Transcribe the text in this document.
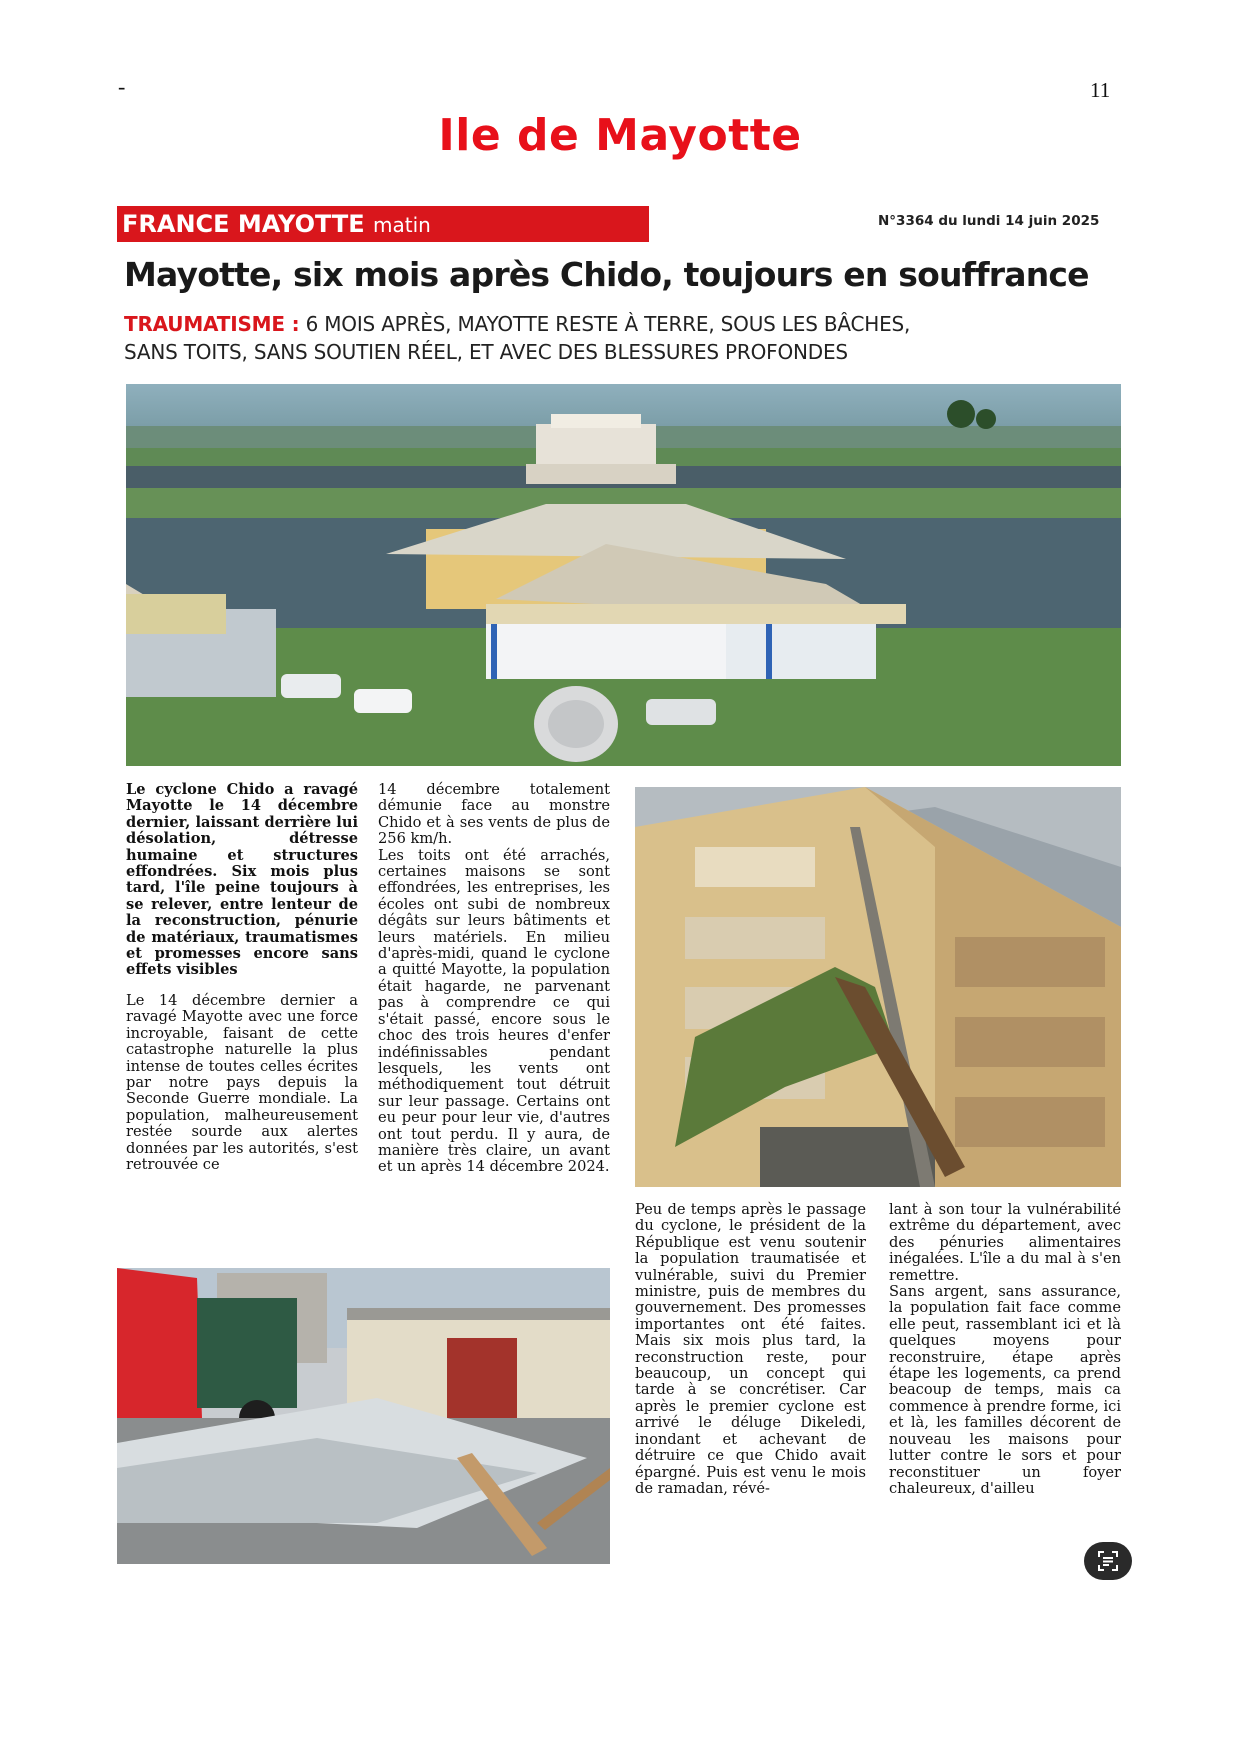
-	11
Ile de Mayotte
FRANCE MAYOTTE matin	N°3364 du lundi 14 juin 2025
Mayotte, six mois après Chido, toujours en souffrance
TRAUMATISME : 6 MOIS APRÈS, MAYOTTE RESTE À TERRE, SOUS LES BÂCHES,
SANS TOITS, SANS SOUTIEN RÉEL, ET AVEC DES BLESSURES PROFONDES

Le cyclone Chido a ravagé Mayotte le 14 décembre dernier, laissant derrière lui désolation, détresse humaine et structures effondrées. Six mois plus tard, l'île peine toujours à se relever, entre lenteur de la reconstruction, pénurie de matériaux, traumatismes et promesses encore sans effets visibles

Le 14 décembre dernier a ravagé Mayotte avec une force incroyable, faisant de cette catastrophe naturelle la plus intense de toutes celles écrites par notre pays depuis la Seconde Guerre mondiale. La population, malheureusement restée sourde aux alertes données par les autorités, s'est retrouvée ce

14 décembre totalement démunie face au monstre Chido et à ses vents de plus de 256 km/h.

Les toits ont été arrachés, certaines maisons se sont effondrées, les entreprises, les écoles ont subi de nombreux dégâts sur leurs bâtiments et leurs matériels. En milieu d'après-midi, quand le cyclone a quitté Mayotte, la population était hagarde, ne parvenant pas à comprendre ce qui s'était passé, encore sous le choc des trois heures d'enfer indéfinissables pendant lesquels, les vents ont méthodiquement tout détruit sur leur passage. Certains ont eu peur pour leur vie, d'autres ont tout perdu. Il y aura, de manière très claire, un avant et un après 14 décembre 2024.

Peu de temps après le passage du cyclone, le président de la République est venu soutenir la population traumatisée et vulnérable, suivi du Premier ministre, puis de membres du gouvernement. Des promesses importantes ont été faites. Mais six mois plus tard, la reconstruction reste, pour beaucoup, un concept qui tarde à se concrétiser. Car après le premier cyclone est arrivé le déluge Dikeledi, inondant et achevant de détruire ce que Chido avait épargné. Puis est venu le mois de ramadan, révé-

lant à son tour la vulnérabilité extrême du département, avec des pénuries alimentaires inégalées. L'île a du mal à s'en remettre.

Sans argent, sans assurance, la population fait face comme elle peut, rassemblant ici et là quelques moyens pour reconstruire, étape après étape les logements, ca prend beacoup de temps, mais ca commence à prendre forme, ici et là, les familles décorent de nouveau les maisons pour lutter contre le sors et pour reconstituer un foyer chaleureux, d'ailleu
